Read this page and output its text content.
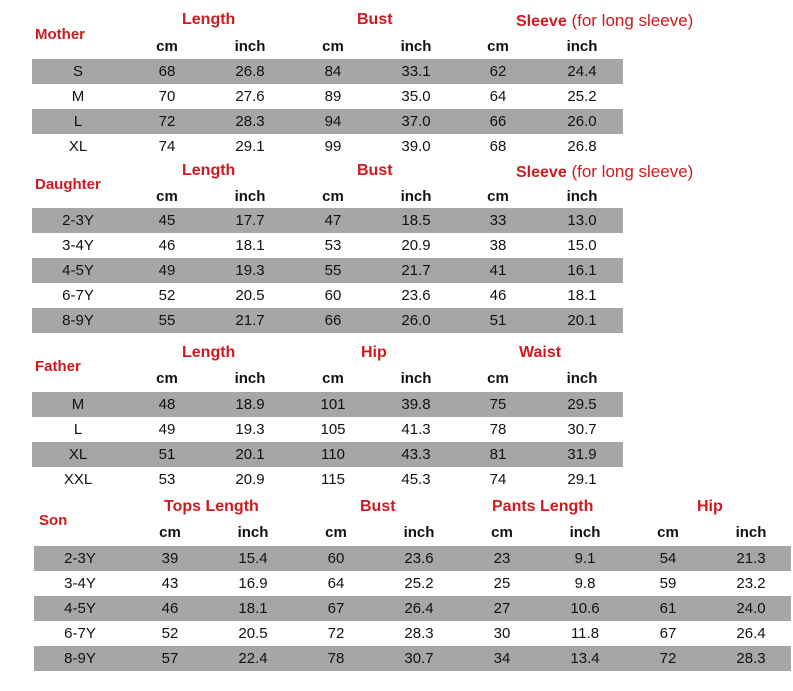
Mother
Length	Bust	Sleeve (for long sleeve)
cm	inch	cm	inch	cm	inch
S	68	26.8	84	33.1	62	24.4
M	70	27.6	89	35.0	64	25.2
L	72	28.3	94	37.0	66	26.0
XL	74	29.1	99	39.0	68	26.8
Daughter
Length	Bust	Sleeve (for long sleeve)
cm	inch	cm	inch	cm	inch
2-3Y	45	17.7	47	18.5	33	13.0
3-4Y	46	18.1	53	20.9	38	15.0
4-5Y	49	19.3	55	21.7	41	16.1
6-7Y	52	20.5	60	23.6	46	18.1
8-9Y	55	21.7	66	26.0	51	20.1
Father
Length	Hip	Waist
cm	inch	cm	inch	cm	inch
M	48	18.9	101	39.8	75	29.5
L	49	19.3	105	41.3	78	30.7
XL	51	20.1	110	43.3	81	31.9
XXL	53	20.9	115	45.3	74	29.1
Son
Tops Length	Bust	Pants Length	Hip
cm	inch	cm	inch	cm	inch	cm	inch
2-3Y	39	15.4	60	23.6	23	9.1	54	21.3
3-4Y	43	16.9	64	25.2	25	9.8	59	23.2
4-5Y	46	18.1	67	26.4	27	10.6	61	24.0
6-7Y	52	20.5	72	28.3	30	11.8	67	26.4
8-9Y	57	22.4	78	30.7	34	13.4	72	28.3
